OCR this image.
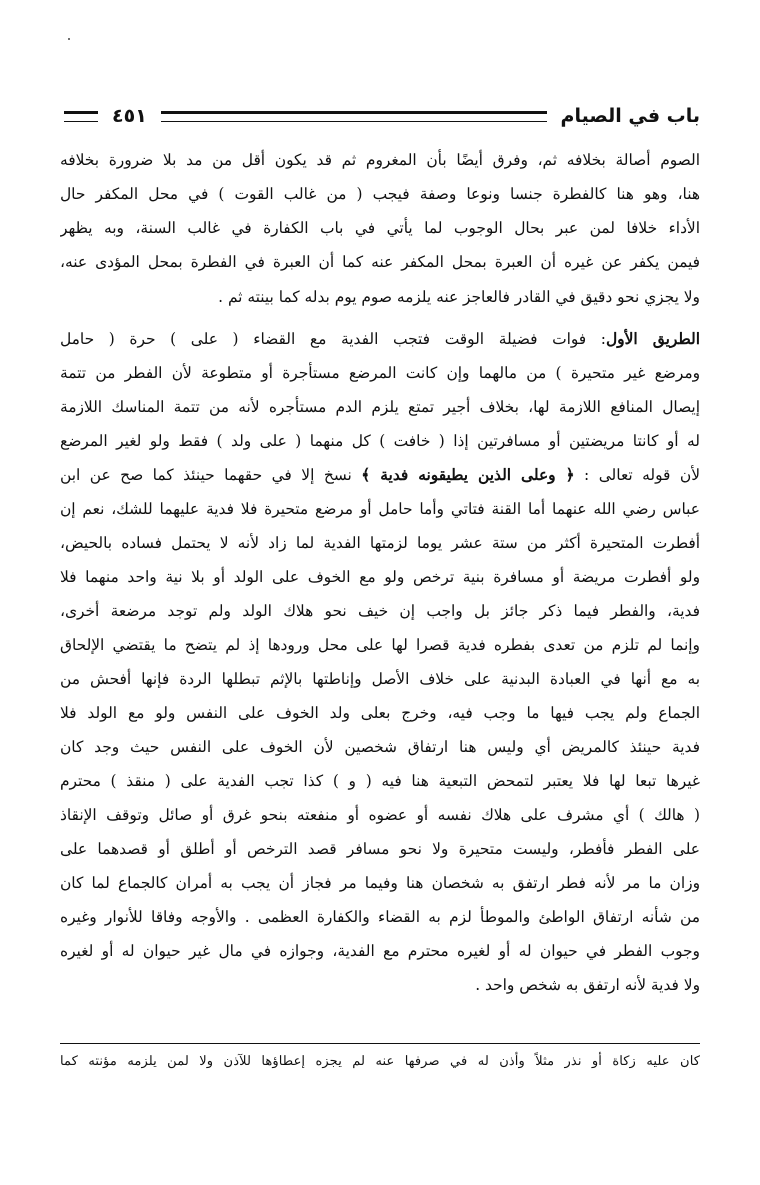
باب في الصيام
٤٥١
الصوم أصالة بخلافه ثم، وفرق أيضًا بأن المغروم ثم قد يكون أقل من مد بلا ضرورة بخلافه
هنا، وهو هنا كالفطرة جنسا ونوعا وصفة فيجب ( من غالب القوت ) في محل المكفر حال
الأداء خلافا لمن عبر بحال الوجوب لما يأتي في باب الكفارة في غالب السنة، وبه يظهر
فيمن يكفر عن غيره أن العبرة بمحل المكفر عنه كما أن العبرة في الفطرة بمحل المؤدى عنه،
ولا يجزي نحو دقيق في القادر فالعاجز عنه يلزمه صوم يوم بدله كما بينته ثم .
الطريق الأول: فوات فضيلة الوقت فتجب الفدية مع القضاء ( على ) حرة ( حامل
ومرضع غير متحيرة ) من مالهما وإن كانت المرضع مستأجرة أو متطوعة لأن الفطر من تتمة
إيصال المنافع اللازمة لها، بخلاف أجير تمتع يلزم الدم مستأجره لأنه من تتمة المناسك اللازمة
له أو كانتا مريضتين أو مسافرتين إذا ( خافت ) كل منهما ( على ولد ) فقط ولو لغير المرضع
لأن قوله تعالى : ﴿ وعلى الذين يطيقونه فدية ﴾ نسخ إلا في حقهما حينئذ كما صح عن ابن
عباس رضي الله عنهما أما القنة فتاتي وأما حامل أو مرضع متحيرة فلا فدية عليهما للشك، نعم إن
أفطرت المتحيرة أكثر من ستة عشر يوما لزمتها الفدية لما زاد لأنه لا يحتمل فساده بالحيض،
ولو أفطرت مريضة أو مسافرة بنية ترخص ولو مع الخوف على الولد أو بلا نية واحد منهما فلا
فدية، والفطر فيما ذكر جائز بل واجب إن خيف نحو هلاك الولد ولم توجد مرضعة أخرى،
وإنما لم تلزم من تعدى بفطره فدية قصرا لها على محل ورودها إذ لم يتضح ما يقتضي الإلحاق
به مع أنها في العبادة البدنية على خلاف الأصل وإناطتها بالإثم تبطلها الردة فإنها أفحش من
الجماع ولم يجب فيها ما وجب فيه، وخرج بعلى ولد الخوف على النفس ولو مع الولد فلا
فدية حينئذ كالمريض أي وليس هنا ارتفاق شخصين لأن الخوف على النفس حيث وجد كان
غيرها تبعا لها فلا يعتبر لتمحض التبعية هنا فيه ( و ) كذا تجب الفدية على ( منقذ ) محترم
( هالك ) أي مشرف على هلاك نفسه أو عضوه أو منفعته بنحو غرق أو صائل وتوقف الإنقاذ
على الفطر فأفطر، وليست متحيرة ولا نحو مسافر قصد الترخص أو أطلق أو قصدهما على
وزان ما مر لأنه فطر ارتفق به شخصان هنا وفيما مر فجاز أن يجب به أمران كالجماع لما كان
من شأنه ارتفاق الواطئ والموطأ لزم به القضاء والكفارة العظمى . والأوجه وفاقا للأنوار وغيره
وجوب الفطر في حيوان له أو لغيره محترم مع الفدية، وجوازه في مال غير حيوان له أو لغيره
ولا فدية لأنه ارتفق به شخص واحد .
كان عليه زكاة أو نذر مثلاً وأذن له في صرفها عنه لم يجزه إعطاؤها للآذن ولا لمن يلزمه مؤنته كما
